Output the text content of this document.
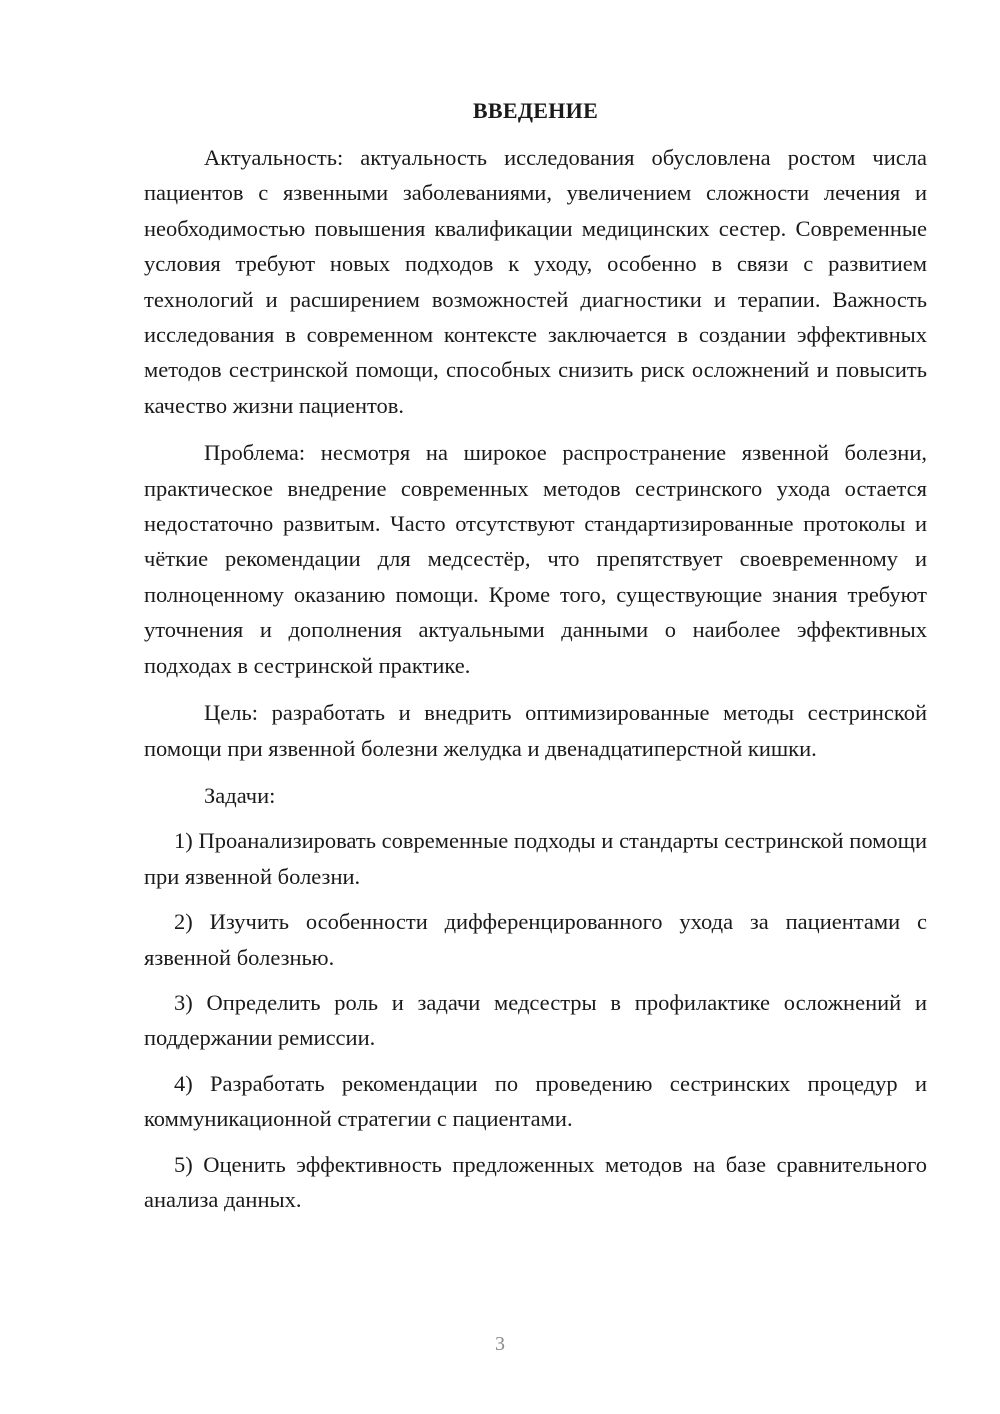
ВВЕДЕНИЕ

Актуальность: актуальность исследования обусловлена ростом числа пациентов с язвенными заболеваниями, увеличением сложности лечения и необходимостью повышения квалификации медицинских сестер. Современные условия требуют новых подходов к уходу, особенно в связи с развитием технологий и расширением возможностей диагностики и терапии. Важность исследования в современном контексте заключается в создании эффективных методов сестринской помощи, способных снизить риск осложнений и повысить качество жизни пациентов.

Проблема: несмотря на широкое распространение язвенной болезни, практическое внедрение современных методов сестринского ухода остается недостаточно развитым. Часто отсутствуют стандартизированные протоколы и чёткие рекомендации для медсестёр, что препятствует своевременному и полноценному оказанию помощи. Кроме того, существующие знания требуют уточнения и дополнения актуальными данными о наиболее эффективных подходах в сестринской практике.

Цель: разработать и внедрить оптимизированные методы сестринской помощи при язвенной болезни желудка и двенадцатиперстной кишки.

Задачи:

1) Проанализировать современные подходы и стандарты сестринской помощи при язвенной болезни.

2) Изучить особенности дифференцированного ухода за пациентами с язвенной болезнью.

3) Определить роль и задачи медсестры в профилактике осложнений и поддержании ремиссии.

4) Разработать рекомендации по проведению сестринских процедур и коммуникационной стратегии с пациентами.

5) Оценить эффективность предложенных методов на базе сравнительного анализа данных.

3
